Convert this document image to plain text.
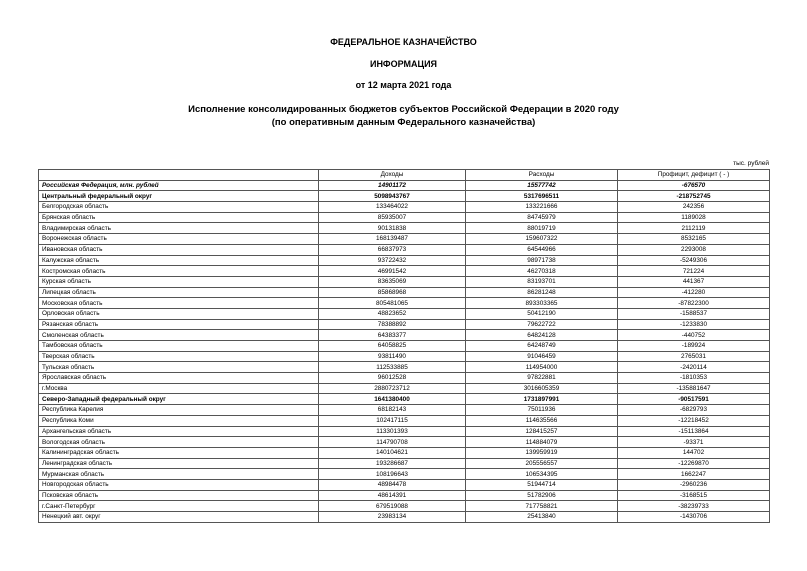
ФЕДЕРАЛЬНОЕ КАЗНАЧЕЙСТВО
ИНФОРМАЦИЯ
от 12 марта 2021 года
Исполнение консолидированных бюджетов субъектов Российской Федерации в 2020 году
(по оперативным данным Федерального казначейства)
тыс. рублей
	Доходы	Расходы	Профицит, дефицит ( - )
Российская Федерация, млн. рублей	14901172	15577742	-676570
Центральный федеральный округ	5098943767	5317696511	-218752745
Белгородская область	133464022	133221666	242356
Брянская область	85935007	84745979	1189028
Владимирская область	90131838	88019719	2112119
Воронежская область	168139487	159607322	8532165
Ивановская область	66837973	64544966	2293008
Калужская область	93722432	98971738	-5249306
Костромская область	46991542	46270318	721224
Курская область	83635069	83193701	441367
Липецкая область	85868968	86281248	-412280
Московская область	805481065	893303365	-87822300
Орловская область	48823652	50412190	-1588537
Рязанская область	78388892	79622722	-1233830
Смоленская область	64383377	64824128	-440752
Тамбовская область	64058825	64248749	-189924
Тверская область	93811490	91046459	2765031
Тульская область	112533885	114954000	-2420114
Ярославская область	96012528	97822881	-1810353
г.Москва	2880723712	3016605359	-135881647
Северо-Западный федеральный округ	1641380400	1731897991	-90517591
Республика Карелия	68182143	75011936	-6829793
Республика Коми	102417115	114635566	-12218452
Архангельская область	113301393	128415257	-15113864
Вологодская область	114790708	114884079	-93371
Калининградская область	140104621	139959919	144702
Ленинградская область	193286687	205556557	-12269870
Мурманская область	108196643	106534395	1662247
Новгородская область	48984478	51944714	-2960236
Псковская область	48614391	51782906	-3168515
г.Санкт-Петербург	679519088	717758821	-38239733
Ненецкий авт. округ	23983134	25413840	-1430706
